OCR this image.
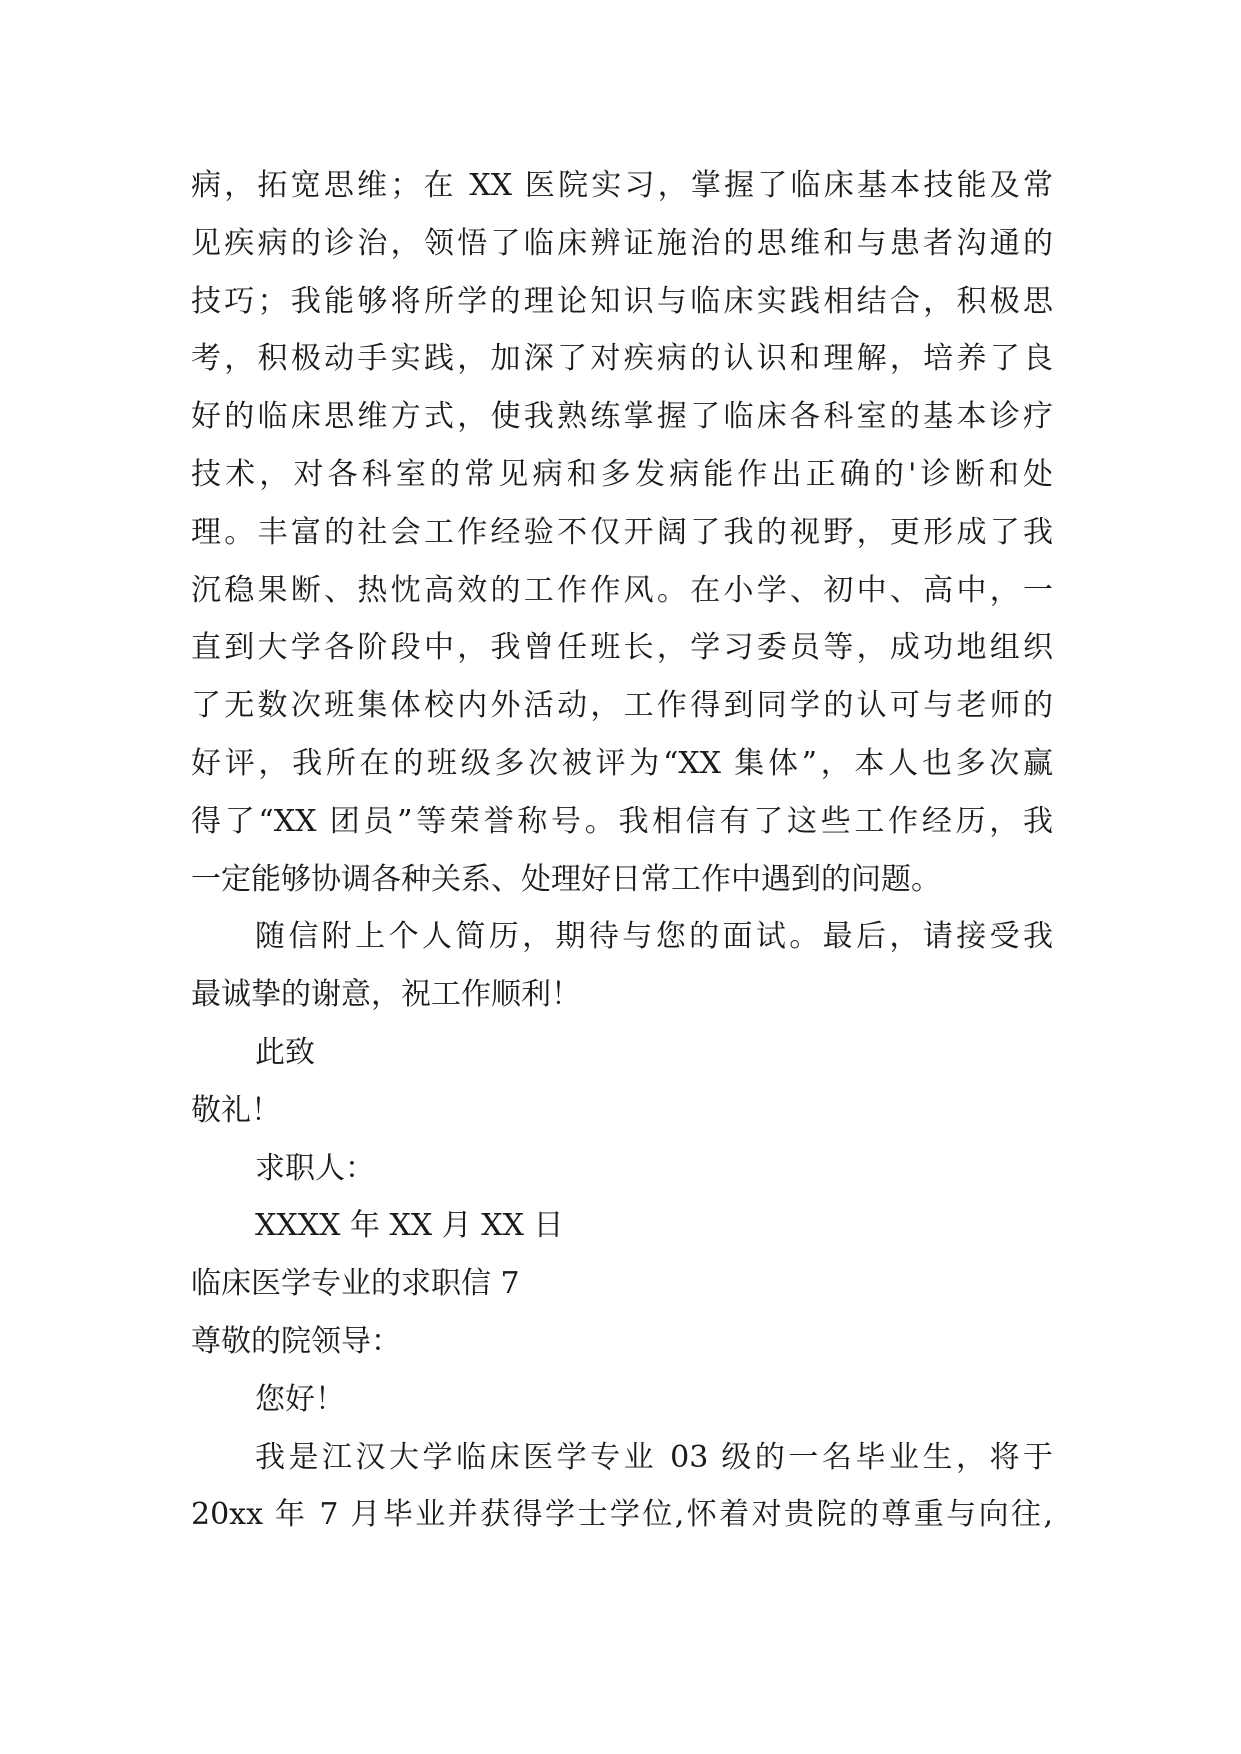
病，拓宽思维；在 XX 医院实习，掌握了临床基本技能及常
见疾病的诊治，领悟了临床辨证施治的思维和与患者沟通的
技巧；我能够将所学的理论知识与临床实践相结合，积极思
考，积极动手实践，加深了对疾病的认识和理解，培养了良
好的临床思维方式，使我熟练掌握了临床各科室的基本诊疗
技术，对各科室的常见病和多发病能作出正确的'诊断和处
理。丰富的社会工作经验不仅开阔了我的视野，更形成了我
沉稳果断、热忱高效的工作作风。在小学、初中、高中，一
直到大学各阶段中，我曾任班长，学习委员等，成功地组织
了无数次班集体校内外活动，工作得到同学的认可与老师的
好评，我所在的班级多次被评为“XX 集体”，本人也多次赢
得了“XX 团员”等荣誉称号。我相信有了这些工作经历，我
一定能够协调各种关系、处理好日常工作中遇到的问题。
随信附上个人简历，期待与您的面试。最后，请接受我
最诚挚的谢意，祝工作顺利！
此致
敬礼！
求职人：
XXXX 年 XX 月 XX 日
临床医学专业的求职信 7
尊敬的院领导：
您好！
我是江汉大学临床医学专业 03 级的一名毕业生，将于
20xx 年 7 月毕业并获得学士学位,怀着对贵院的尊重与向往,
